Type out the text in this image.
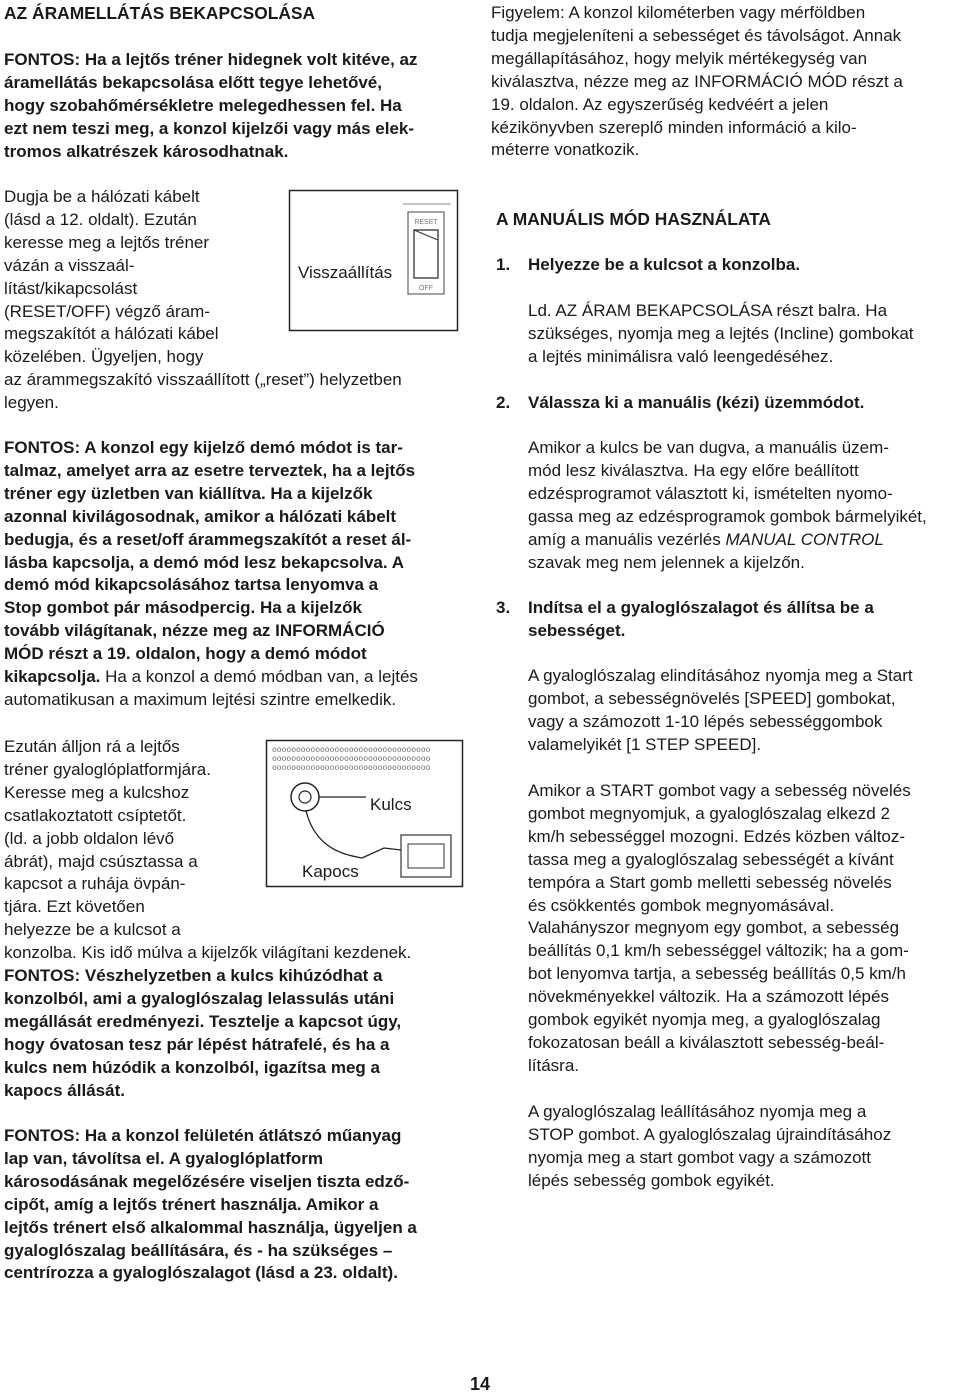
AZ ÁRAMELLÁTÁS BEKAPCSOLÁSA
FONTOS: Ha a lejtős tréner hidegnek volt kitéve, az
áramellátás bekapcsolása előtt tegye lehetővé,
hogy szobahőmérsékletre melegedhessen fel. Ha
ezt nem teszi meg, a konzol kijelzői vagy más elek-
tromos alkatrészek károsodhatnak.
Dugja be a hálózati kábelt
(lásd a 12. oldalt). Ezután
keresse meg a lejtős tréner
vázán a visszaál-
lítást/kikapcsolást
(RESET/OFF) végző áram-
megszakítót a hálózati kábel
közelében. Ügyeljen, hogy
az árammegszakító visszaállított („reset”) helyzetben
legyen.
RESET
OFF
Visszaállítás
FONTOS: A konzol egy kijelző demó módot is tar-
talmaz, amelyet arra az esetre terveztek, ha a lejtős
tréner egy üzletben van kiállítva. Ha a kijelzők
azonnal kivilágosodnak, amikor a hálózati kábelt
bedugja, és a reset/off árammegszakítót a reset ál-
lásba kapcsolja, a demó mód lesz bekapcsolva. A
demó mód kikapcsolásához tartsa lenyomva a
Stop gombot pár másodpercig. Ha a kijelzők
tovább világítanak, nézze meg az INFORMÁCIÓ
MÓD részt a 19. oldalon, hogy a demó módot
kikapcsolja. Ha a konzol a demó módban van, a lejtés
automatikusan a maximum lejtési szintre emelkedik.
Ezután álljon rá a lejtős
tréner gyaloglóplatformjára.
Keresse meg a kulcshoz
csatlakoztatott csíptetőt.
(ld. a jobb oldalon lévő
ábrát), majd csúsztassa a
kapcsot a ruhája övpán-
tjára. Ezt követően
helyezze be a kulcsot a
ooooooooooooooooooooooooooooooooo
ooooooooooooooooooooooooooooooooo
ooooooooooooooooooooooooooooooooo
Kulcs
Kapocs
konzolba. Kis idő múlva a kijelzők világítani kezdenek.
FONTOS: Vészhelyzetben a kulcs kihúzódhat a
konzolból, ami a gyaloglószalag lelassulás utáni
megállását eredményezi. Tesztelje a kapcsot úgy,
hogy óvatosan tesz pár lépést hátrafelé, és ha a
kulcs nem húzódik a konzolból, igazítsa meg a
kapocs állását.
FONTOS: Ha a konzol felületén átlátszó műanyag
lap van, távolítsa el. A gyaloglóplatform
károsodásának megelőzésére viseljen tiszta edző-
cipőt, amíg a lejtős trénert használja. Amikor a
lejtős trénert első alkalommal használja, ügyeljen a
gyaloglószalag beállítására, és - ha szükséges –
centrírozza a gyaloglószalagot (lásd a 23. oldalt).
Figyelem: A konzol kilométerben vagy mérföldben
tudja megjeleníteni a sebességet és távolságot. Annak
megállapításához, hogy melyik mértékegység van
kiválasztva, nézze meg az INFORMÁCIÓ MÓD részt a
19. oldalon. Az egyszerűség kedvéért a jelen
kézikönyvben szereplő minden információ a kilo-
méterre vonatkozik.
A MANUÁLIS MÓD HASZNÁLATA
1. Helyezze be a kulcsot a konzolba.
Ld. AZ ÁRAM BEKAPCSOLÁSA részt balra. Ha
szükséges, nyomja meg a lejtés (Incline) gombokat
a lejtés minimálisra való leengedéséhez.
2. Válassza ki a manuális (kézi) üzemmódot.
Amikor a kulcs be van dugva, a manuális üzem-
mód lesz kiválasztva. Ha egy előre beállított
edzésprogramot választott ki, ismételten nyomo-
gassa meg az edzésprogramok gombok bármelyikét,
amíg a manuális vezérlés MANUAL CONTROL
szavak meg nem jelennek a kijelzőn.
3. Indítsa el a gyaloglószalagot és állítsa be a
sebességet.
A gyaloglószalag elindításához nyomja meg a Start
gombot, a sebességnövelés [SPEED] gombokat,
vagy a számozott 1-10 lépés sebességgombok
valamelyikét [1 STEP SPEED].
Amikor a START gombot vagy a sebesség növelés
gombot megnyomjuk, a gyaloglószalag elkezd 2
km/h sebességgel mozogni. Edzés közben változ-
tassa meg a gyaloglószalag sebességét a kívánt
tempóra a Start gomb melletti sebesség növelés
és csökkentés gombok megnyomásával.
Valahányszor megnyom egy gombot, a sebesség
beállítás 0,1 km/h sebességgel változik; ha a gom-
bot lenyomva tartja, a sebesség beállítás 0,5 km/h
növekményekkel változik. Ha a számozott lépés
gombok egyikét nyomja meg, a gyaloglószalag
fokozatosan beáll a kiválasztott sebesség-beál-
lításra.
A gyaloglószalag leállításához nyomja meg a
STOP gombot. A gyaloglószalag újraindításához
nyomja meg a start gombot vagy a számozott
lépés sebesség gombok egyikét.
14
